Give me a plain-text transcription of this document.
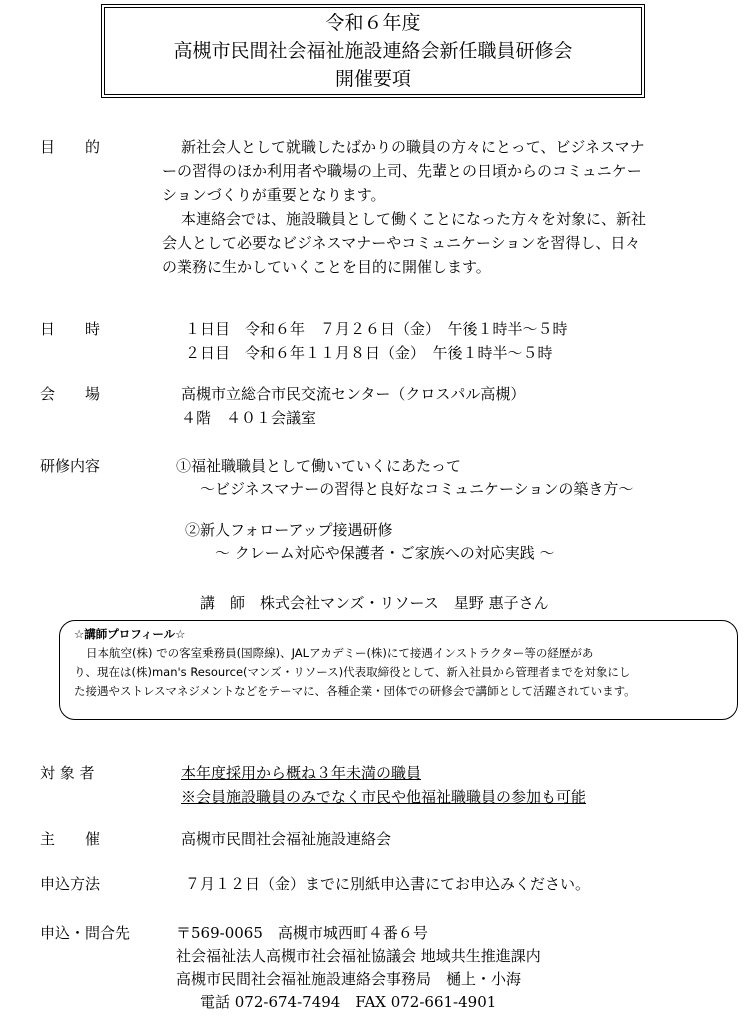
令和６年度
高槻市民間社会福祉施設連絡会新任職員研修会
開催要項
目　　的	新社会人として就職したばかりの職員の方々にとって、ビジネスマナ
ーの習得のほか利用者や職場の上司、先輩との日頃からのコミュニケー
ションづくりが重要となります。
本連絡会では、施設職員として働くことになった方々を対象に、新社
会人として必要なビジネスマナーやコミュニケーションを習得し、日々
の業務に生かしていくことを目的に開催します。
日　　時	１日目　令和６年　７月２６日（金）　午後１時半～５時
２日目　令和６年１１月８日（金）　午後１時半～５時
会　　場	高槻市立総合市民交流センター（クロスパル高槻）
４階　４０１会議室
研修内容	①福祉職職員として働いていくにあたって
～ビジネスマナーの習得と良好なコミュニケーションの築き方～
②新人フォローアップ接遇研修
～ クレーム対応や保護者・ご家族への対応実践 ～
講　師　株式会社マンズ・リソース　星野 惠子さん
☆講師プロフィール☆
日本航空(株) での客室乗務員(国際線)、JALアカデミー(株)にて接遇インストラクター等の経歴があ
り、現在は(株)man's Resource(マンズ・リソース)代表取締役として、新入社員から管理者までを対象にし
た接遇やストレスマネジメントなどをテーマに、各種企業・団体での研修会で講師として活躍されています。
対 象 者	本年度採用から概ね３年未満の職員
※会員施設職員のみでなく市民や他福祉職職員の参加も可能
主　　催	高槻市民間社会福祉施設連絡会
申込方法	７月１２日（金）までに別紙申込書にてお申込みください。
申込・問合先	〒569-0065　高槻市城西町４番６号
社会福祉法人高槻市社会福祉協議会 地域共生推進課内
高槻市民間社会福祉施設連絡会事務局　樋上・小海
電話 072-674-7494　FAX 072-661-4901
